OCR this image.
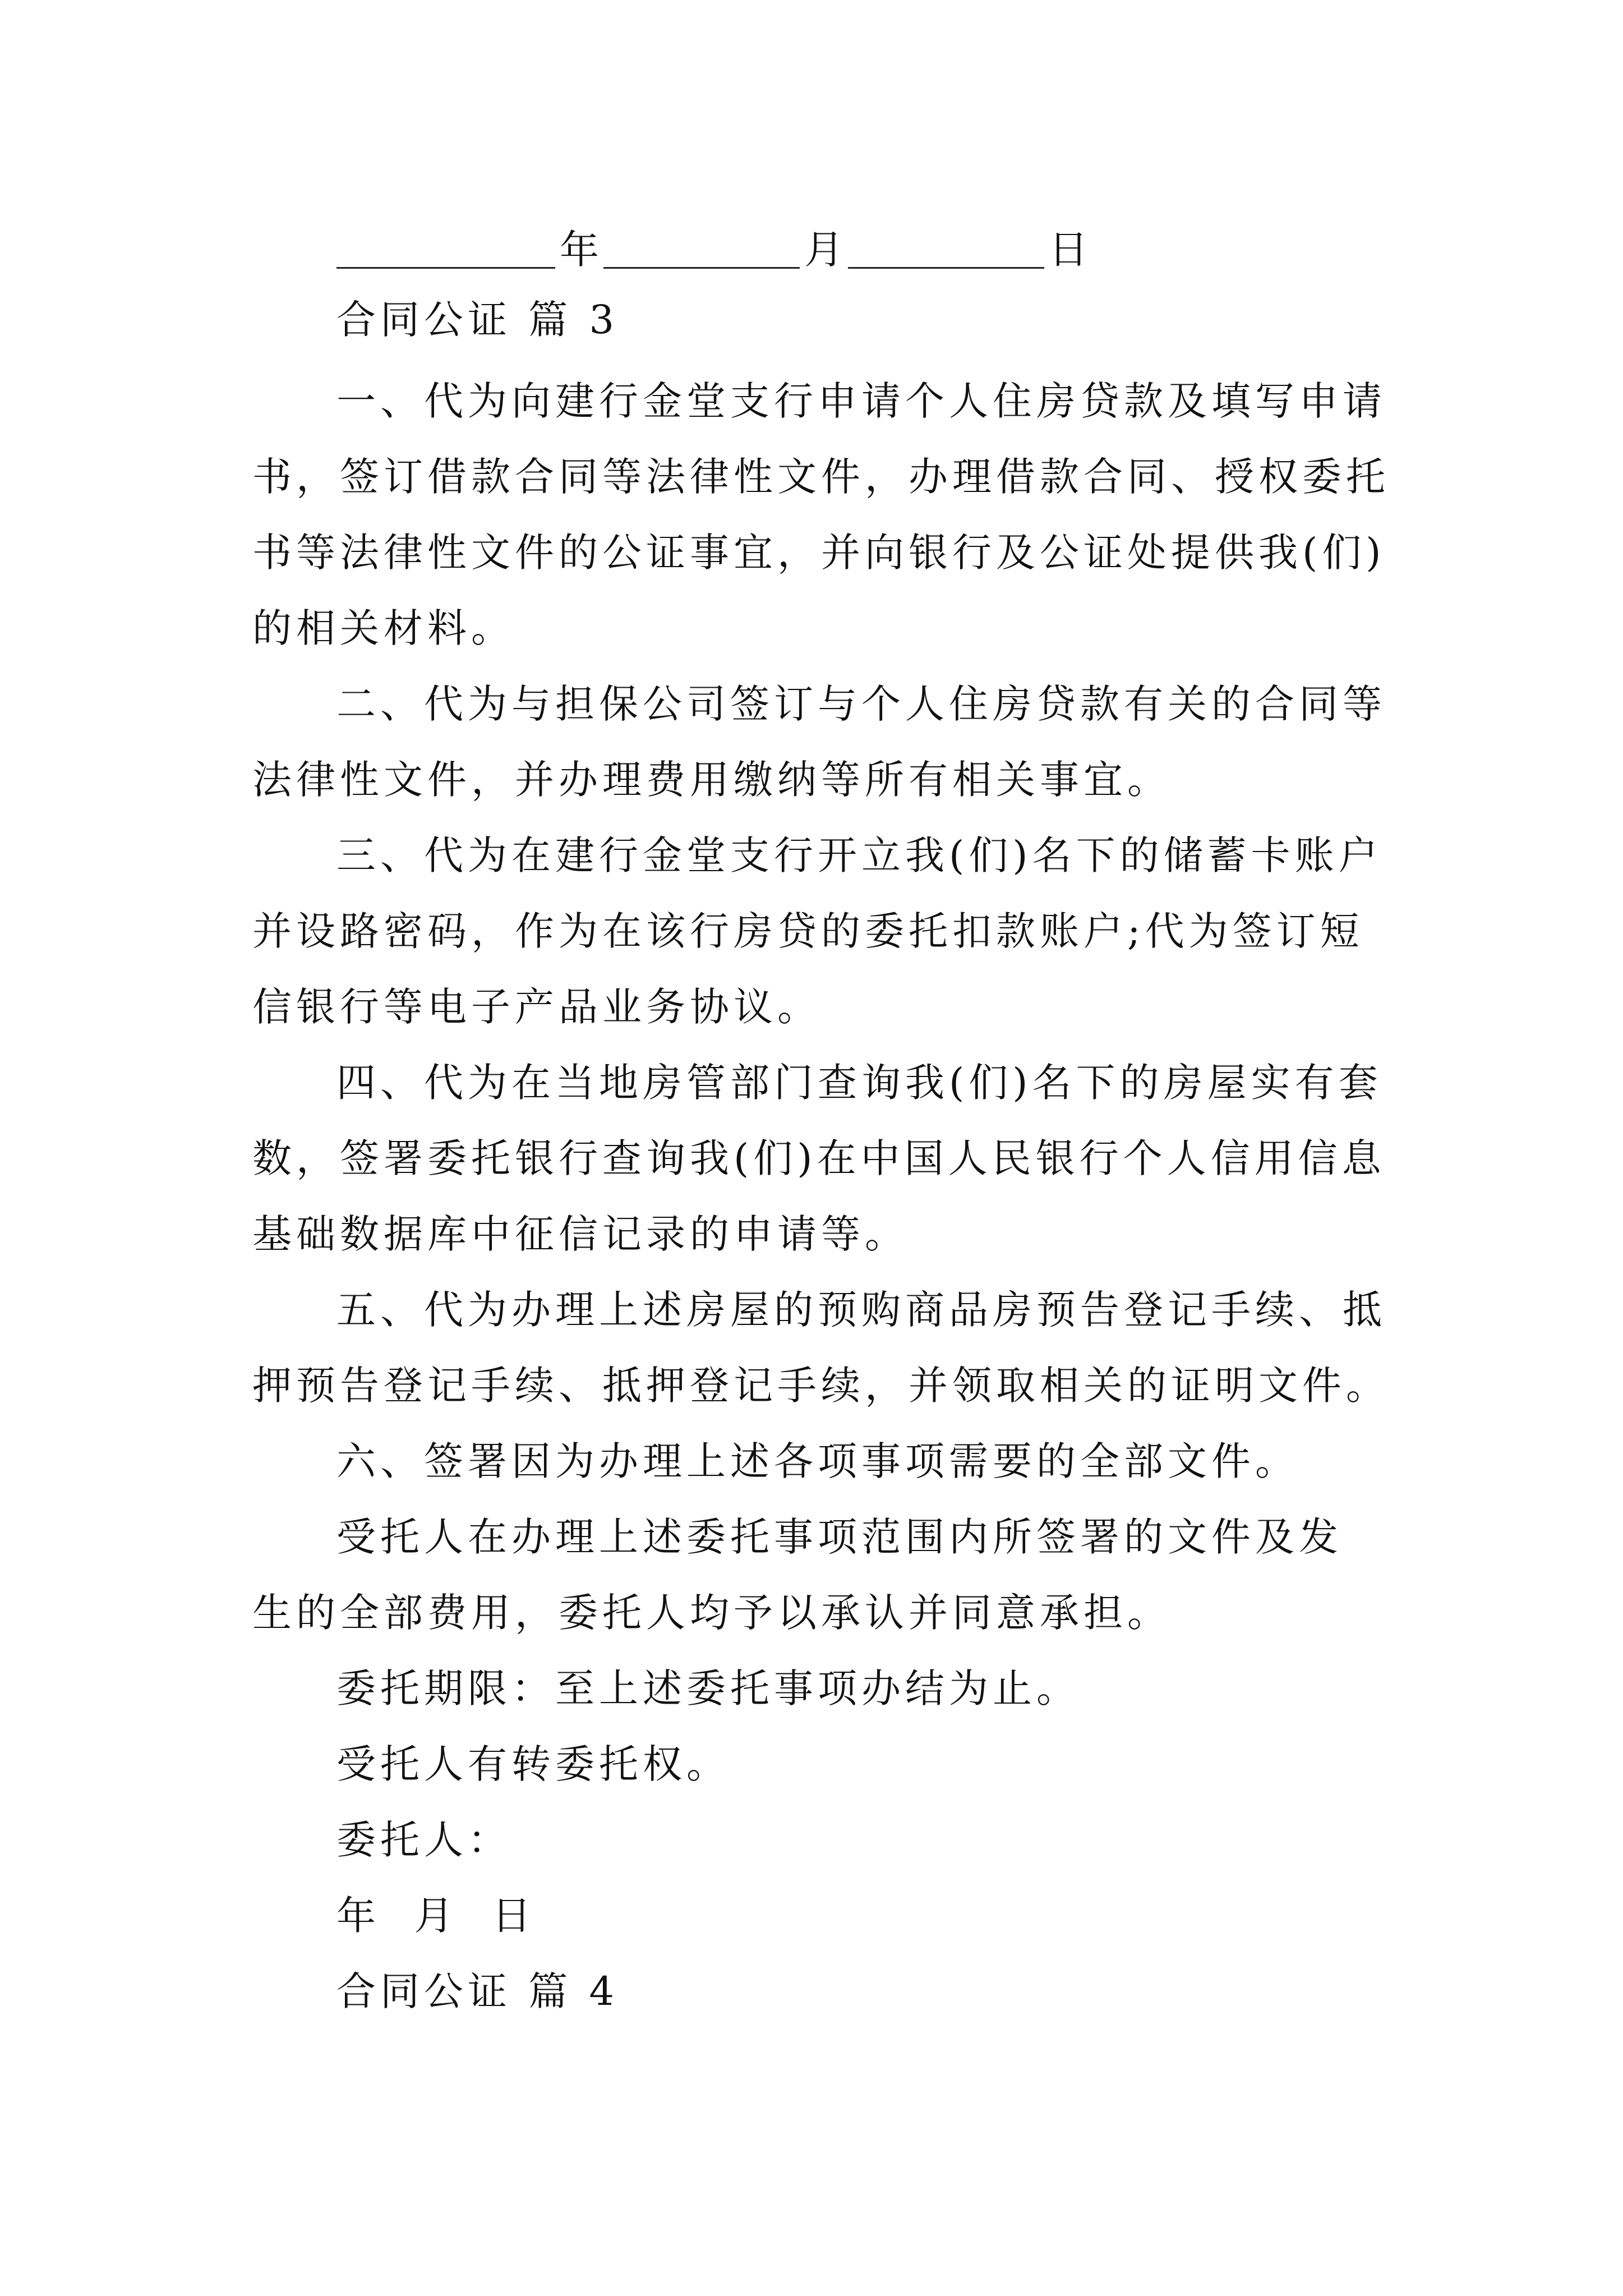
年	月	日
合同公证 篇 3
一、代为向建行金堂支行申请个人住房贷款及填写申请
书，签订借款合同等法律性文件，办理借款合同、授权委托
书等法律性文件的公证事宜，并向银行及公证处提供我(们)
的相关材料。
二、代为与担保公司签订与个人住房贷款有关的合同等
法律性文件，并办理费用缴纳等所有相关事宜。
三、代为在建行金堂支行开立我(们)名下的储蓄卡账户
并设路密码，作为在该行房贷的委托扣款账户;代为签订短
信银行等电子产品业务协议。
四、代为在当地房管部门查询我(们)名下的房屋实有套
数，签署委托银行查询我(们)在中国人民银行个人信用信息
基础数据库中征信记录的申请等。
五、代为办理上述房屋的预购商品房预告登记手续、抵
押预告登记手续、抵押登记手续，并领取相关的证明文件。
六、签署因为办理上述各项事项需要的全部文件。
受托人在办理上述委托事项范围内所签署的文件及发
生的全部费用，委托人均予以承认并同意承担。
委托期限：至上述委托事项办结为止。
受托人有转委托权。
委托人：
年  月  日
合同公证 篇 4
